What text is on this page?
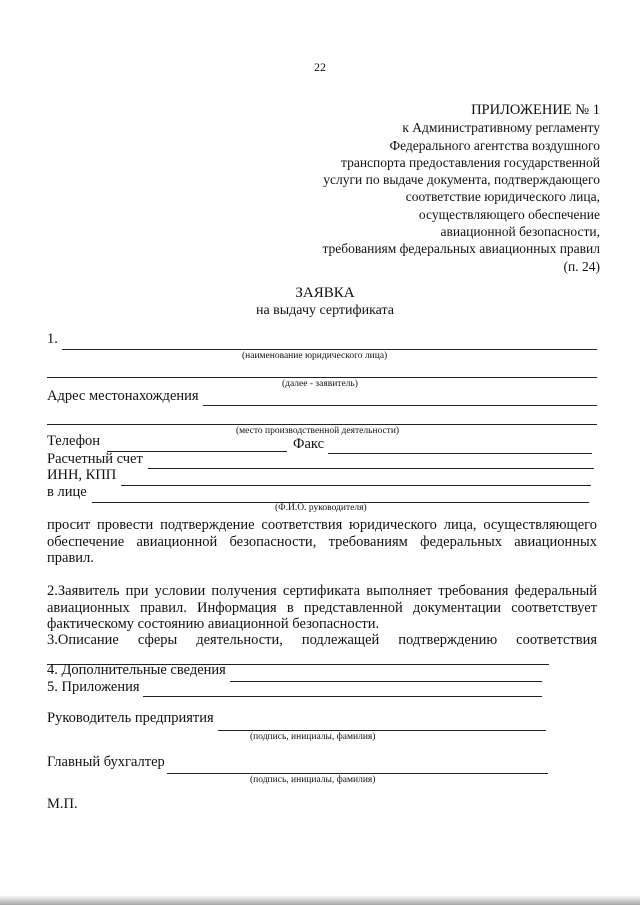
22
ПРИЛОЖЕНИЕ № 1
к Административному регламенту
Федерального агентства воздушного
транспорта предоставления государственной
услуги по выдаче документа, подтверждающего
соответствие юридического лица,
осуществляющего обеспечение
авиационной безопасности,
требованиям федеральных авиационных правил
(п. 24)
ЗАЯВКА
на выдачу сертификата
1.
(наименование юридического лица)
(далее - заявитель)
Адрес местонахождения
(место производственной деятельности)
Телефон	Факс
Расчетный счет
ИНН, КПП
в лице
(Ф.И.О. руководителя)
просит провести подтверждение соответствия юридического лица, осуществляющего обеспечение авиационной безопасности, требованиям федеральных авиационных правил.
2.Заявитель при условии получения сертификата выполняет требования федеральный авиационных правил. Информация в представленной документации соответствует фактическому состоянию авиационной безопасности.
3.Описание сферы деятельности, подлежащей подтверждению соответствия
4. Дополнительные сведения
5. Приложения
Руководитель предприятия
(подпись, инициалы, фамилия)
Главный бухгалтер
(подпись, инициалы, фамилия)
М.П.
